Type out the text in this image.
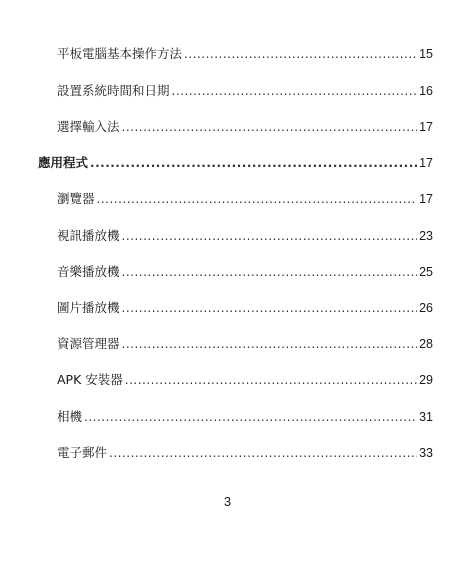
平板電腦基本操作方法 .....	15
設置系統時間和日期 .....	16
選擇輸入法 .....	17
應用程式 .....	17
瀏覽器 .....	17
視訊播放機 .....	23
音樂播放機 .....	25
圖片播放機 .....	26
資源管理器 .....	28
APK 安裝器 .....	29
相機 .....	31
電子郵件 .....	33
3
